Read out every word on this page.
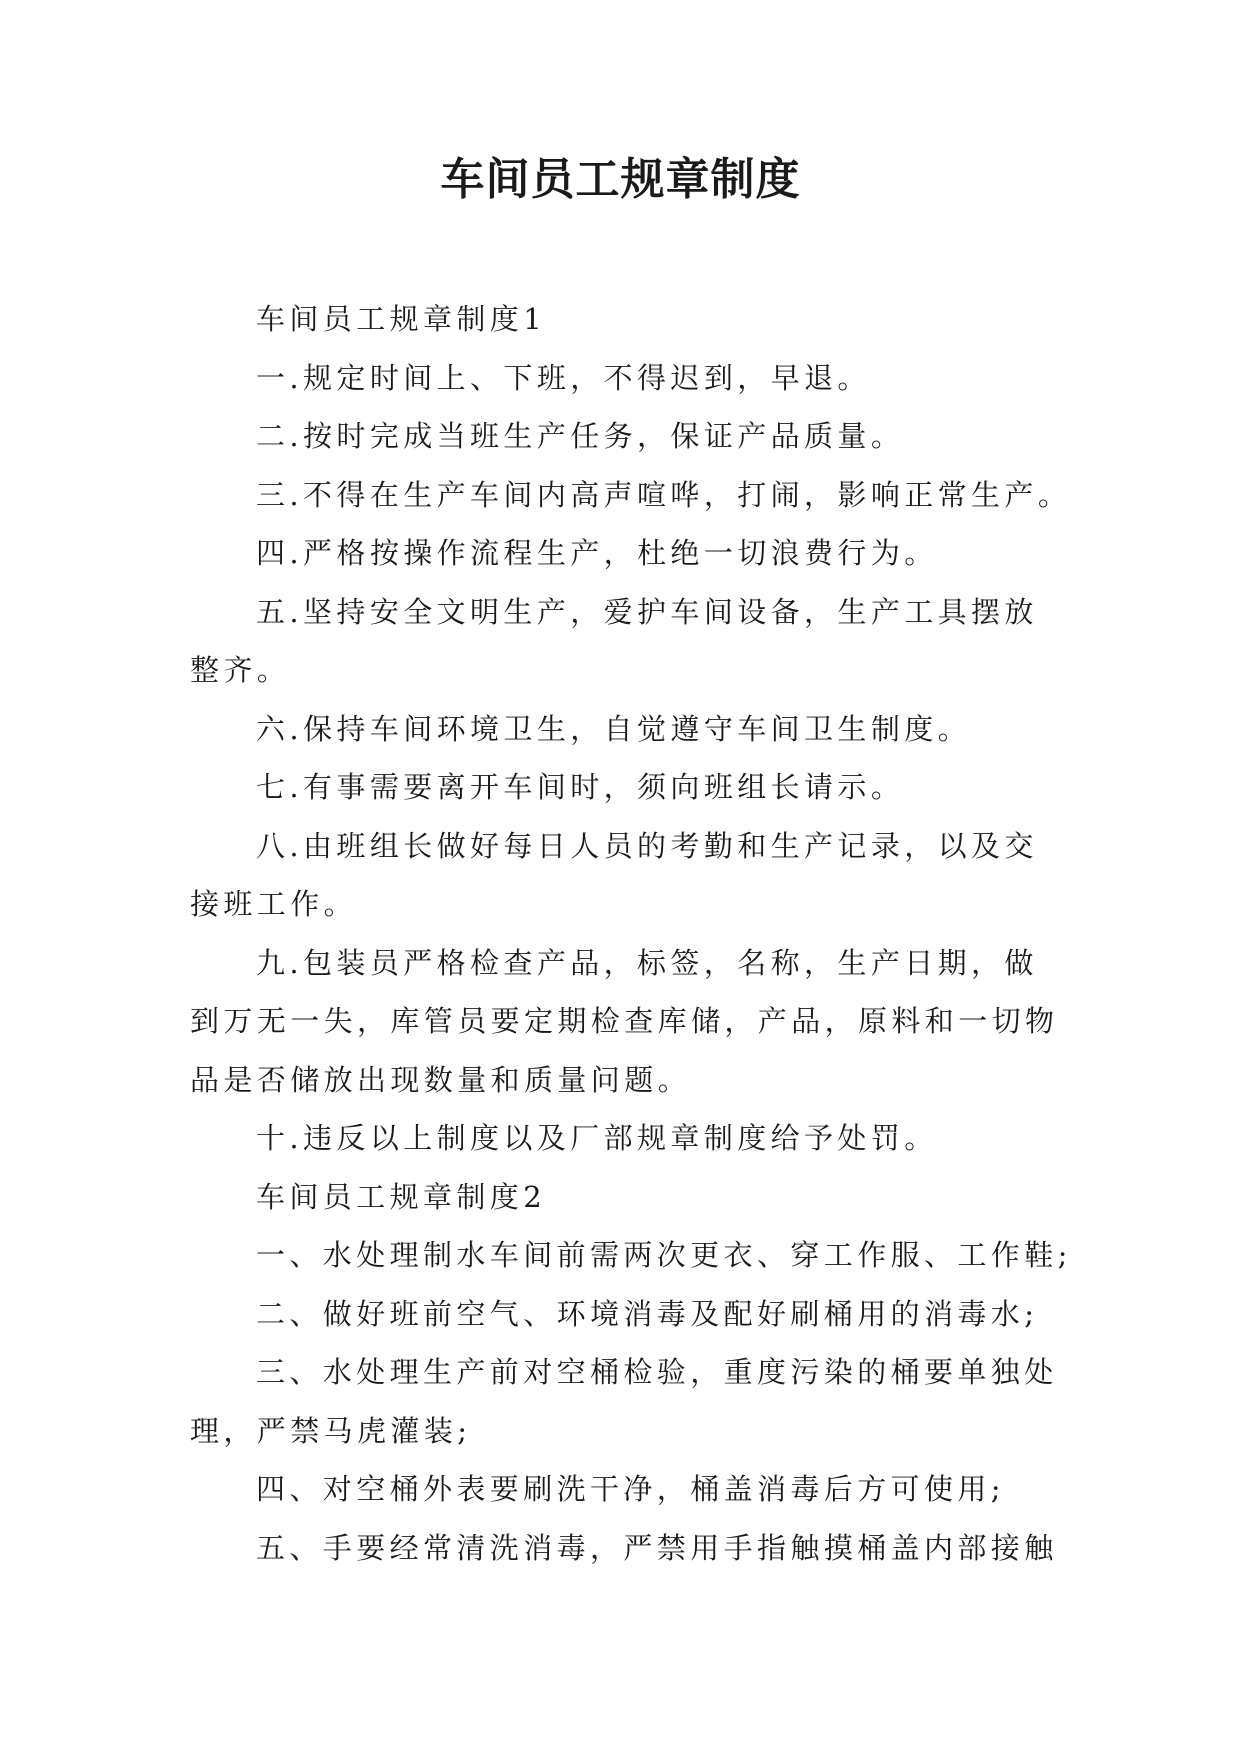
车间员工规章制度

车间员工规章制度1

一.规定时间上、下班，不得迟到，早退。

二.按时完成当班生产任务，保证产品质量。

三.不得在生产车间内高声喧哗，打闹，影响正常生产。

四.严格按操作流程生产，杜绝一切浪费行为。

五.坚持安全文明生产，爱护车间设备，生产工具摆放
整齐。

六.保持车间环境卫生，自觉遵守车间卫生制度。

七.有事需要离开车间时，须向班组长请示。

八.由班组长做好每日人员的考勤和生产记录，以及交
接班工作。

九.包装员严格检查产品，标签，名称，生产日期，做
到万无一失，库管员要定期检查库储，产品，原料和一切物
品是否储放出现数量和质量问题。

十.违反以上制度以及厂部规章制度给予处罚。

车间员工规章制度2

一、水处理制水车间前需两次更衣、穿工作服、工作鞋;

二、做好班前空气、环境消毒及配好刷桶用的消毒水;

三、水处理生产前对空桶检验，重度污染的桶要单独处
理，严禁马虎灌装;

四、对空桶外表要刷洗干净，桶盖消毒后方可使用;

五、手要经常清洗消毒，严禁用手指触摸桶盖内部接触
